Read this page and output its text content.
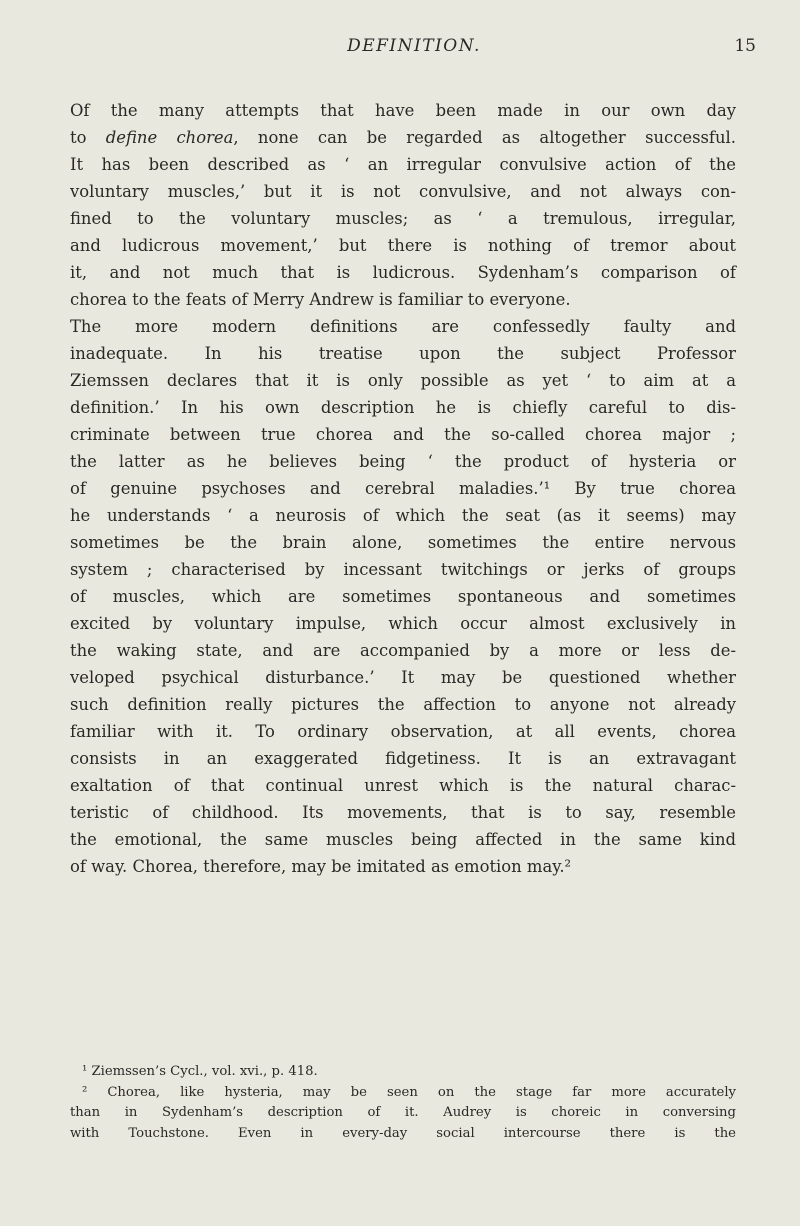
DEFINITION.	15
Of the many attempts that have been made in our own day
to define chorea, none can be regarded as altogether successful.
It has been described as ‘ an irregular convulsive action of the
voluntary muscles,’ but it is not convulsive, and not always con-
fined to the voluntary muscles; as ‘ a tremulous, irregular,
and ludicrous movement,’ but there is nothing of tremor about
it, and not much that is ludicrous. Sydenham’s comparison of
chorea to the feats of Merry Andrew is familiar to everyone.
The more modern definitions are confessedly faulty and
inadequate. In his treatise upon the subject Professor
Ziemssen declares that it is only possible as yet ‘ to aim at a
definition.’ In his own description he is chiefly careful to dis-
criminate between true chorea and the so-called chorea major ;
the latter as he believes being ‘ the product of hysteria or
of genuine psychoses and cerebral maladies.’¹ By true chorea
he understands ‘ a neurosis of which the seat (as it seems) may
sometimes be the brain alone, sometimes the entire nervous
system ; characterised by incessant twitchings or jerks of groups
of muscles, which are sometimes spontaneous and sometimes
excited by voluntary impulse, which occur almost exclusively in
the waking state, and are accompanied by a more or less de-
veloped psychical disturbance.’ It may be questioned whether
such definition really pictures the affection to anyone not already
familiar with it. To ordinary observation, at all events, chorea
consists in an exaggerated fidgetiness. It is an extravagant
exaltation of that continual unrest which is the natural charac-
teristic of childhood. Its movements, that is to say, resemble
the emotional, the same muscles being affected in the same kind
of way. Chorea, therefore, may be imitated as emotion may.²
¹ Ziemssen’s Cycl., vol. xvi., p. 418.
² Chorea, like hysteria, may be seen on the stage far more accurately
than in Sydenham’s description of it. Audrey is choreic in conversing
with Touchstone. Even in every-day social intercourse there is the
